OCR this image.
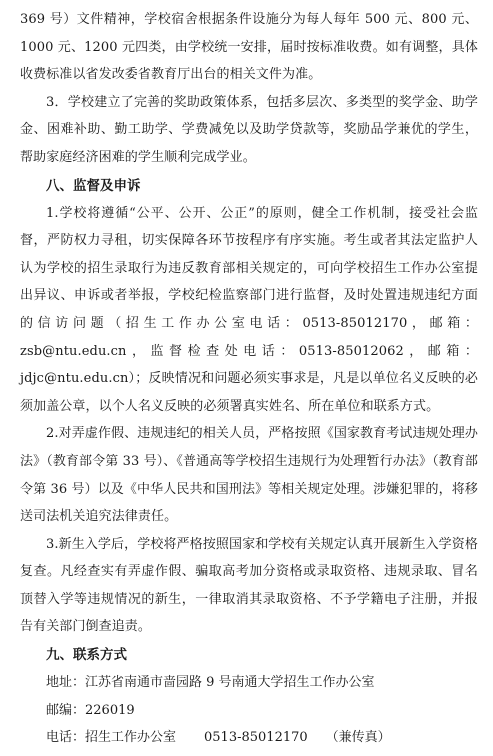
369 号）文件精神，学校宿舍根据条件设施分为每人每年 500 元、800 元、1000 元、1200 元四类，由学校统一安排，届时按标准收费。如有调整，具体收费标准以省发改委省教育厅出台的相关文件为准。

3．学校建立了完善的奖助政策体系，包括多层次、多类型的奖学金、助学金、困难补助、勤工助学、学费减免以及助学贷款等，奖励品学兼优的学生，帮助家庭经济困难的学生顺利完成学业。

八、监督及申诉

1.学校将遵循“公平、公开、公正”的原则，健全工作机制，接受社会监督，严防权力寻租，切实保障各环节按程序有序实施。考生或者其法定监护人认为学校的招生录取行为违反教育部相关规定的，可向学校招生工作办公室提出异议、申诉或者举报，学校纪检监察部门进行监督，及时处置违规违纪方面的信访问题（招生工作办公室电话：0513-85012170，邮箱：zsb@ntu.edu.cn，监督检查处电话：0513-85012062，邮箱：jdjc@ntu.edu.cn）；反映情况和问题必须实事求是，凡是以单位名义反映的必须加盖公章，以个人名义反映的必须署真实姓名、所在单位和联系方式。

2.对弄虚作假、违规违纪的相关人员，严格按照《国家教育考试违规处理办法》（教育部令第 33 号）、《普通高等学校招生违规行为处理暂行办法》（教育部令第 36 号）以及《中华人民共和国刑法》等相关规定处理。涉嫌犯罪的，将移送司法机关追究法律责任。

3.新生入学后，学校将严格按照国家和学校有关规定认真开展新生入学资格复查。凡经查实有弄虚作假、骗取高考加分资格或录取资格、违规录取、冒名顶替入学等违规情况的新生，一律取消其录取资格、不予学籍电子注册，并报告有关部门倒查追责。

九、联系方式

地址：江苏省南通市啬园路 9 号南通大学招生工作办公室

邮编：226019

电话：招生工作办公室 0513-85012170 （兼传真）
